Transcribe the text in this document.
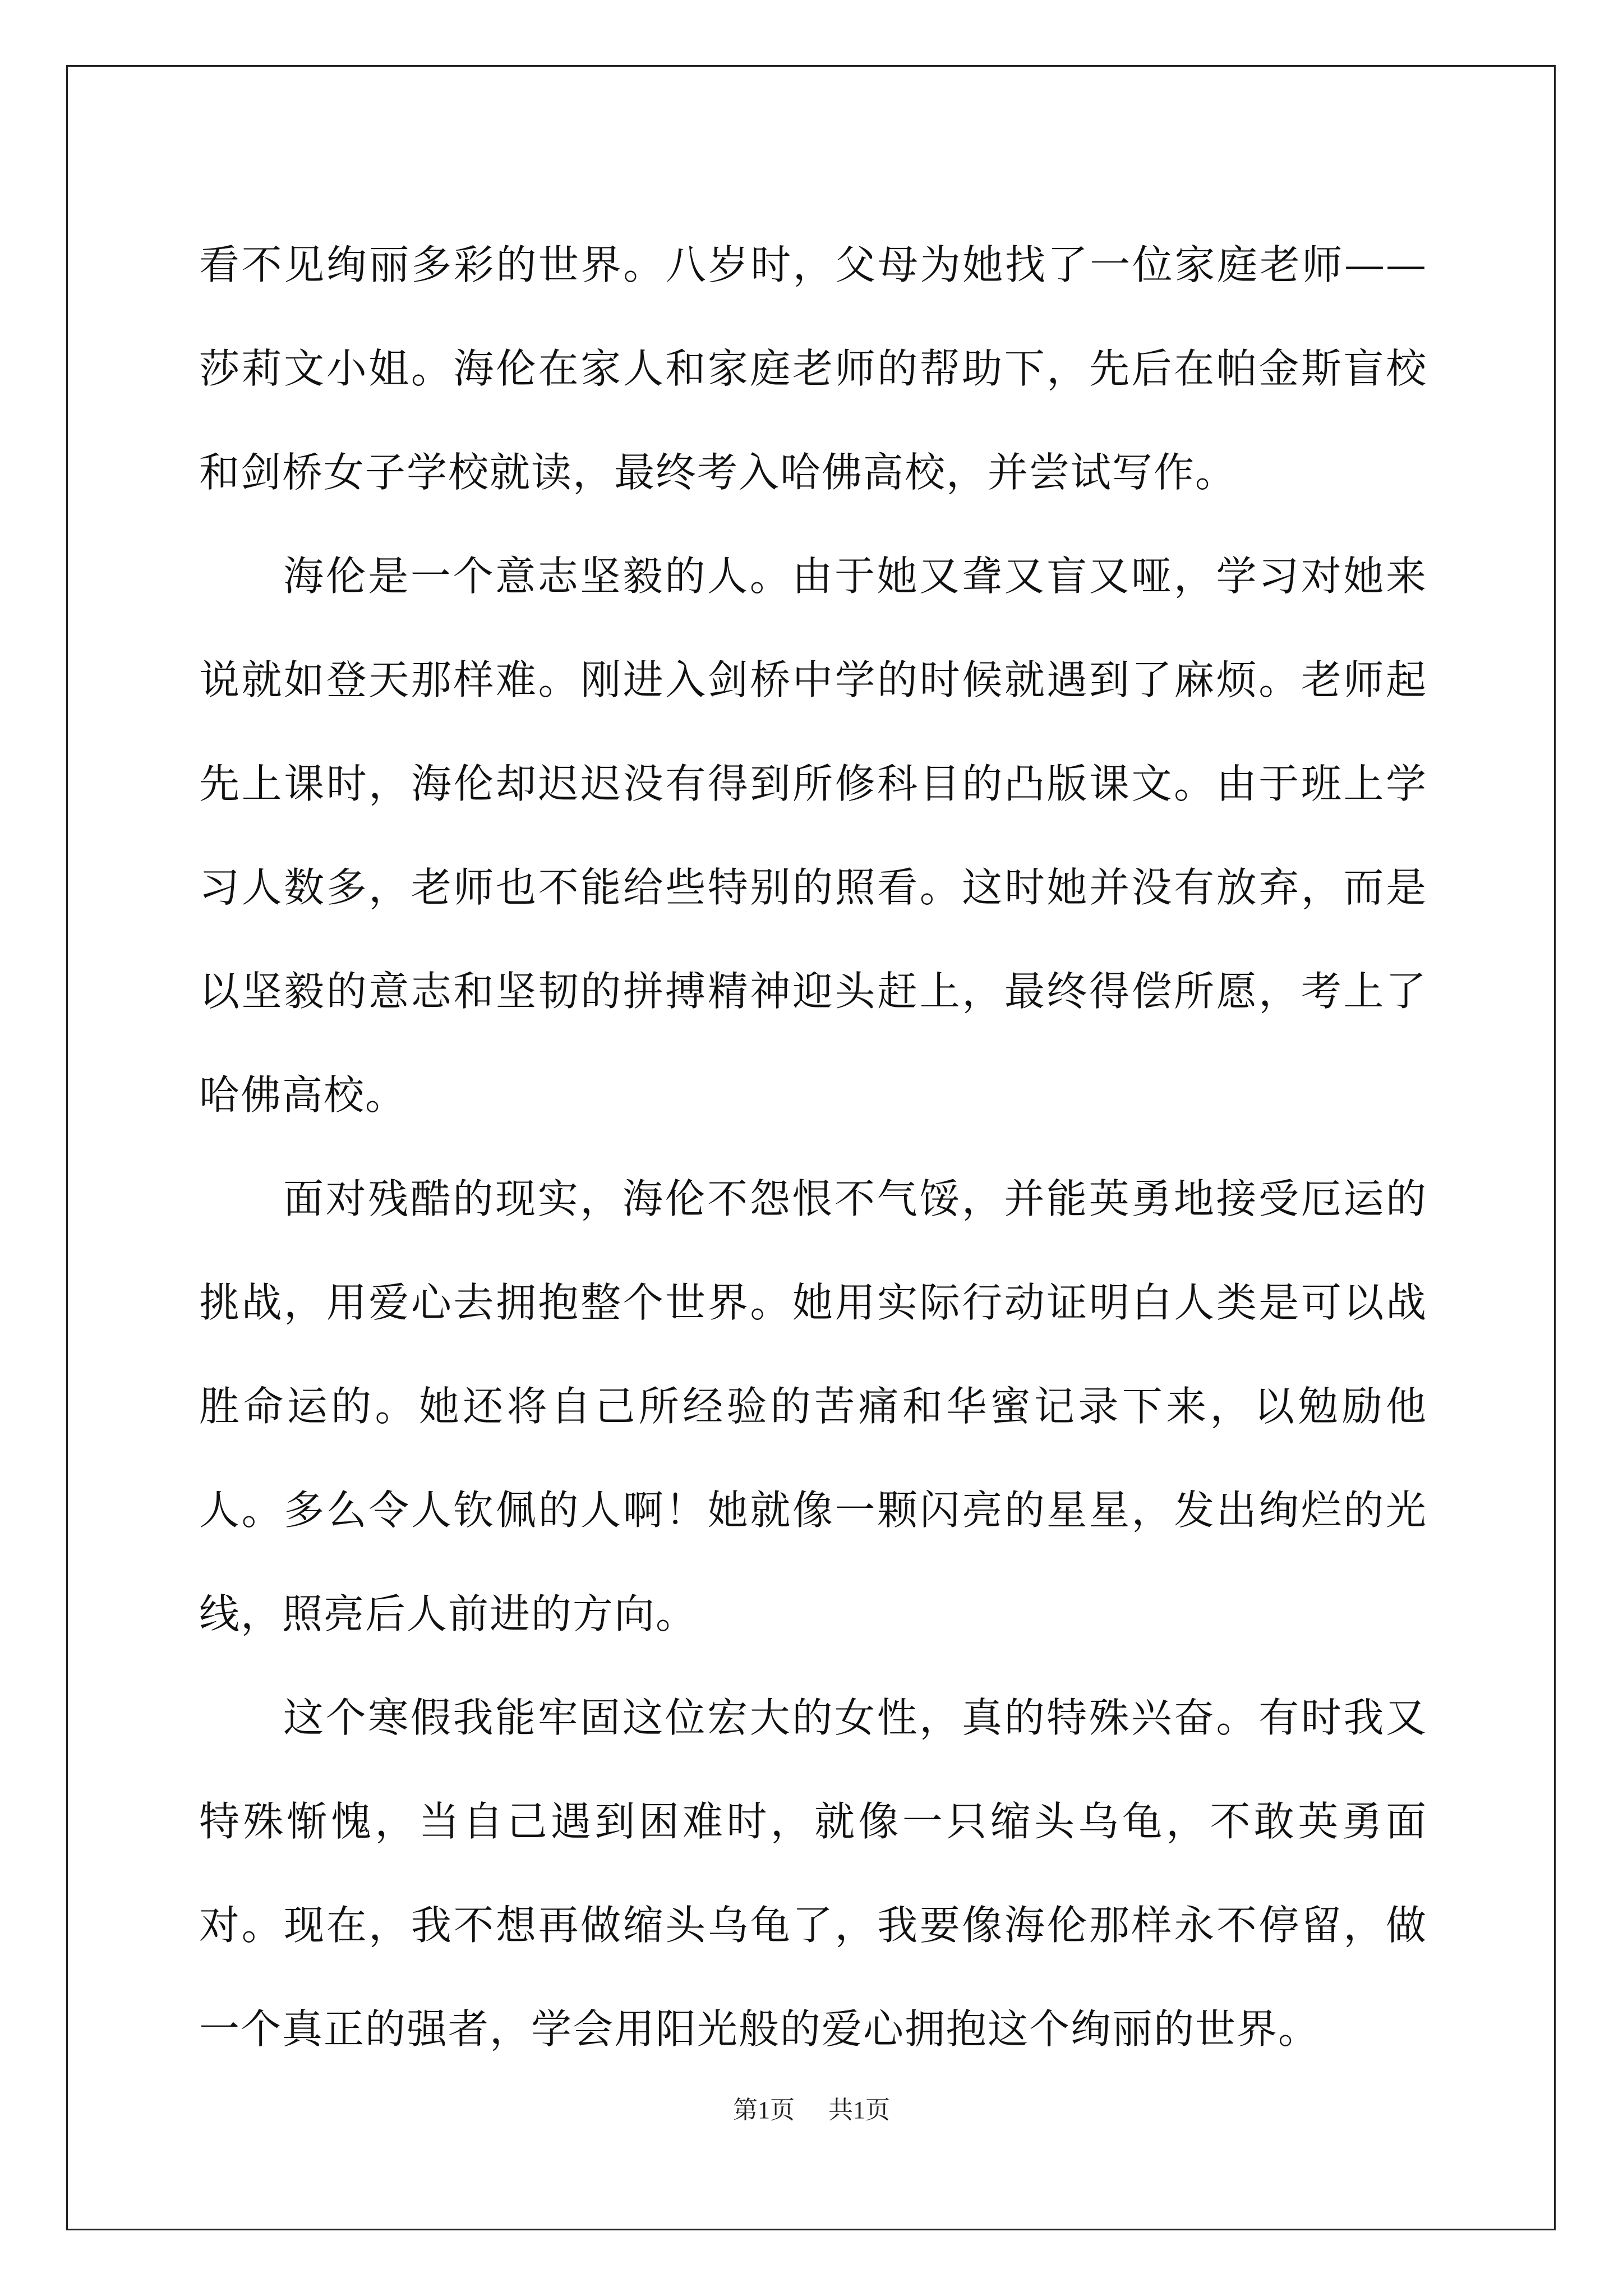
看不见绚丽多彩的世界。八岁时，父母为她找了一位家庭老师——莎莉文小姐。海伦在家人和家庭老师的帮助下，先后在帕金斯盲校和剑桥女子学校就读，最终考入哈佛高校，并尝试写作。

海伦是一个意志坚毅的人。由于她又聋又盲又哑，学习对她来说就如登天那样难。刚进入剑桥中学的时候就遇到了麻烦。老师起先上课时，海伦却迟迟没有得到所修科目的凸版课文。由于班上学习人数多，老师也不能给些特别的照看。这时她并没有放弃，而是以坚毅的意志和坚韧的拼搏精神迎头赶上，最终得偿所愿，考上了哈佛高校。

面对残酷的现实，海伦不怨恨不气馁，并能英勇地接受厄运的挑战，用爱心去拥抱整个世界。她用实际行动证明白人类是可以战胜命运的。她还将自己所经验的苦痛和华蜜记录下来，以勉励他人。多么令人钦佩的人啊！她就像一颗闪亮的星星，发出绚烂的光线，照亮后人前进的方向。

这个寒假我能牢固这位宏大的女性，真的特殊兴奋。有时我又特殊惭愧，当自己遇到困难时，就像一只缩头乌龟，不敢英勇面对。现在，我不想再做缩头乌龟了，我要像海伦那样永不停留，做一个真正的强者，学会用阳光般的爱心拥抱这个绚丽的世界。

第1页 共1页
